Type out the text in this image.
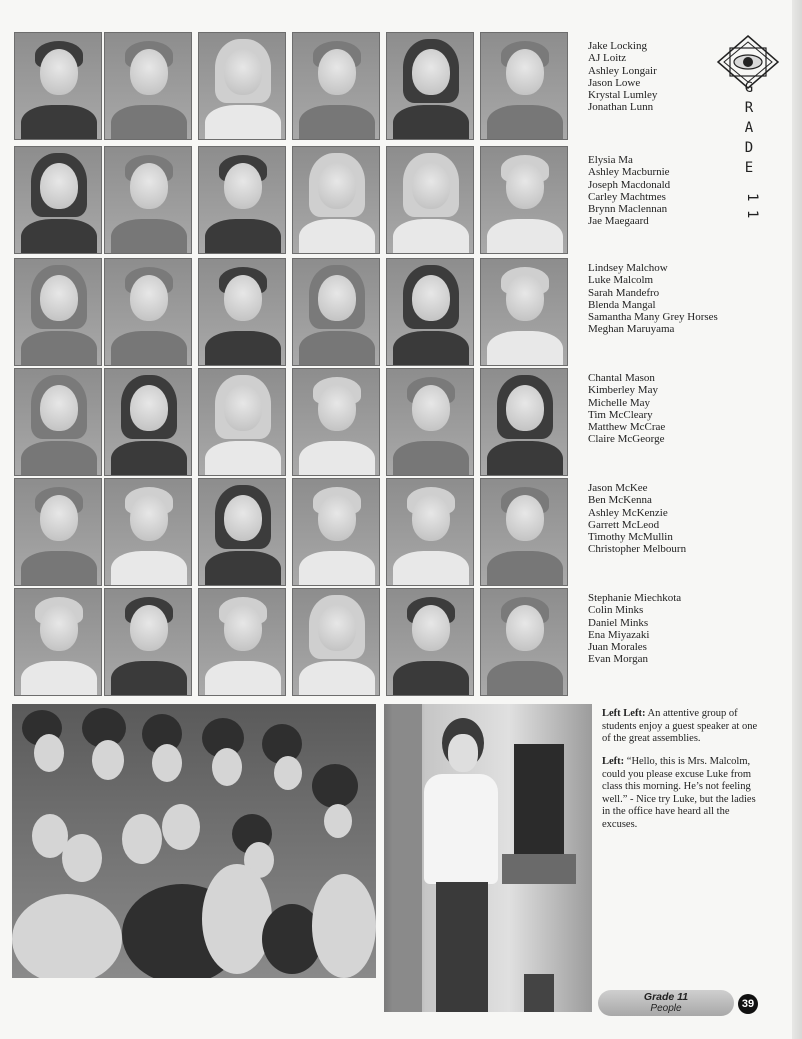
Jake Locking
AJ Loitz
Ashley Longair
Jason Lowe
Krystal Lumley
Jonathan Lunn
Elysia Ma
Ashley Macburnie
Joseph Macdonald
Carley Machtmes
Brynn Maclennan
Jae Maegaard
Lindsey Malchow
Luke Malcolm
Sarah Mandefro
Blenda Mangal
Samantha Many Grey Horses
Meghan Maruyama
Chantal Mason
Kimberley May
Michelle May
Tim McCleary
Matthew McCrae
Claire McGeorge
Jason McKee
Ben McKenna
Ashley McKenzie
Garrett McLeod
Timothy McMullin
Christopher Melbourn
Stephanie Miechkota
Colin Minks
Daniel Minks
Ena Miyazaki
Juan Morales
Evan Morgan
G
R
A
D
E
1 1
Left Left: An attentive group of students enjoy a guest speaker at one of the great assemblies.
Left: “Hello, this is Mrs. Malcolm, could you please excuse Luke from class this morning. He’s not feeling well.” - Nice try Luke, but the ladies in the office have heard all the excuses.
Grade 11
People	39
